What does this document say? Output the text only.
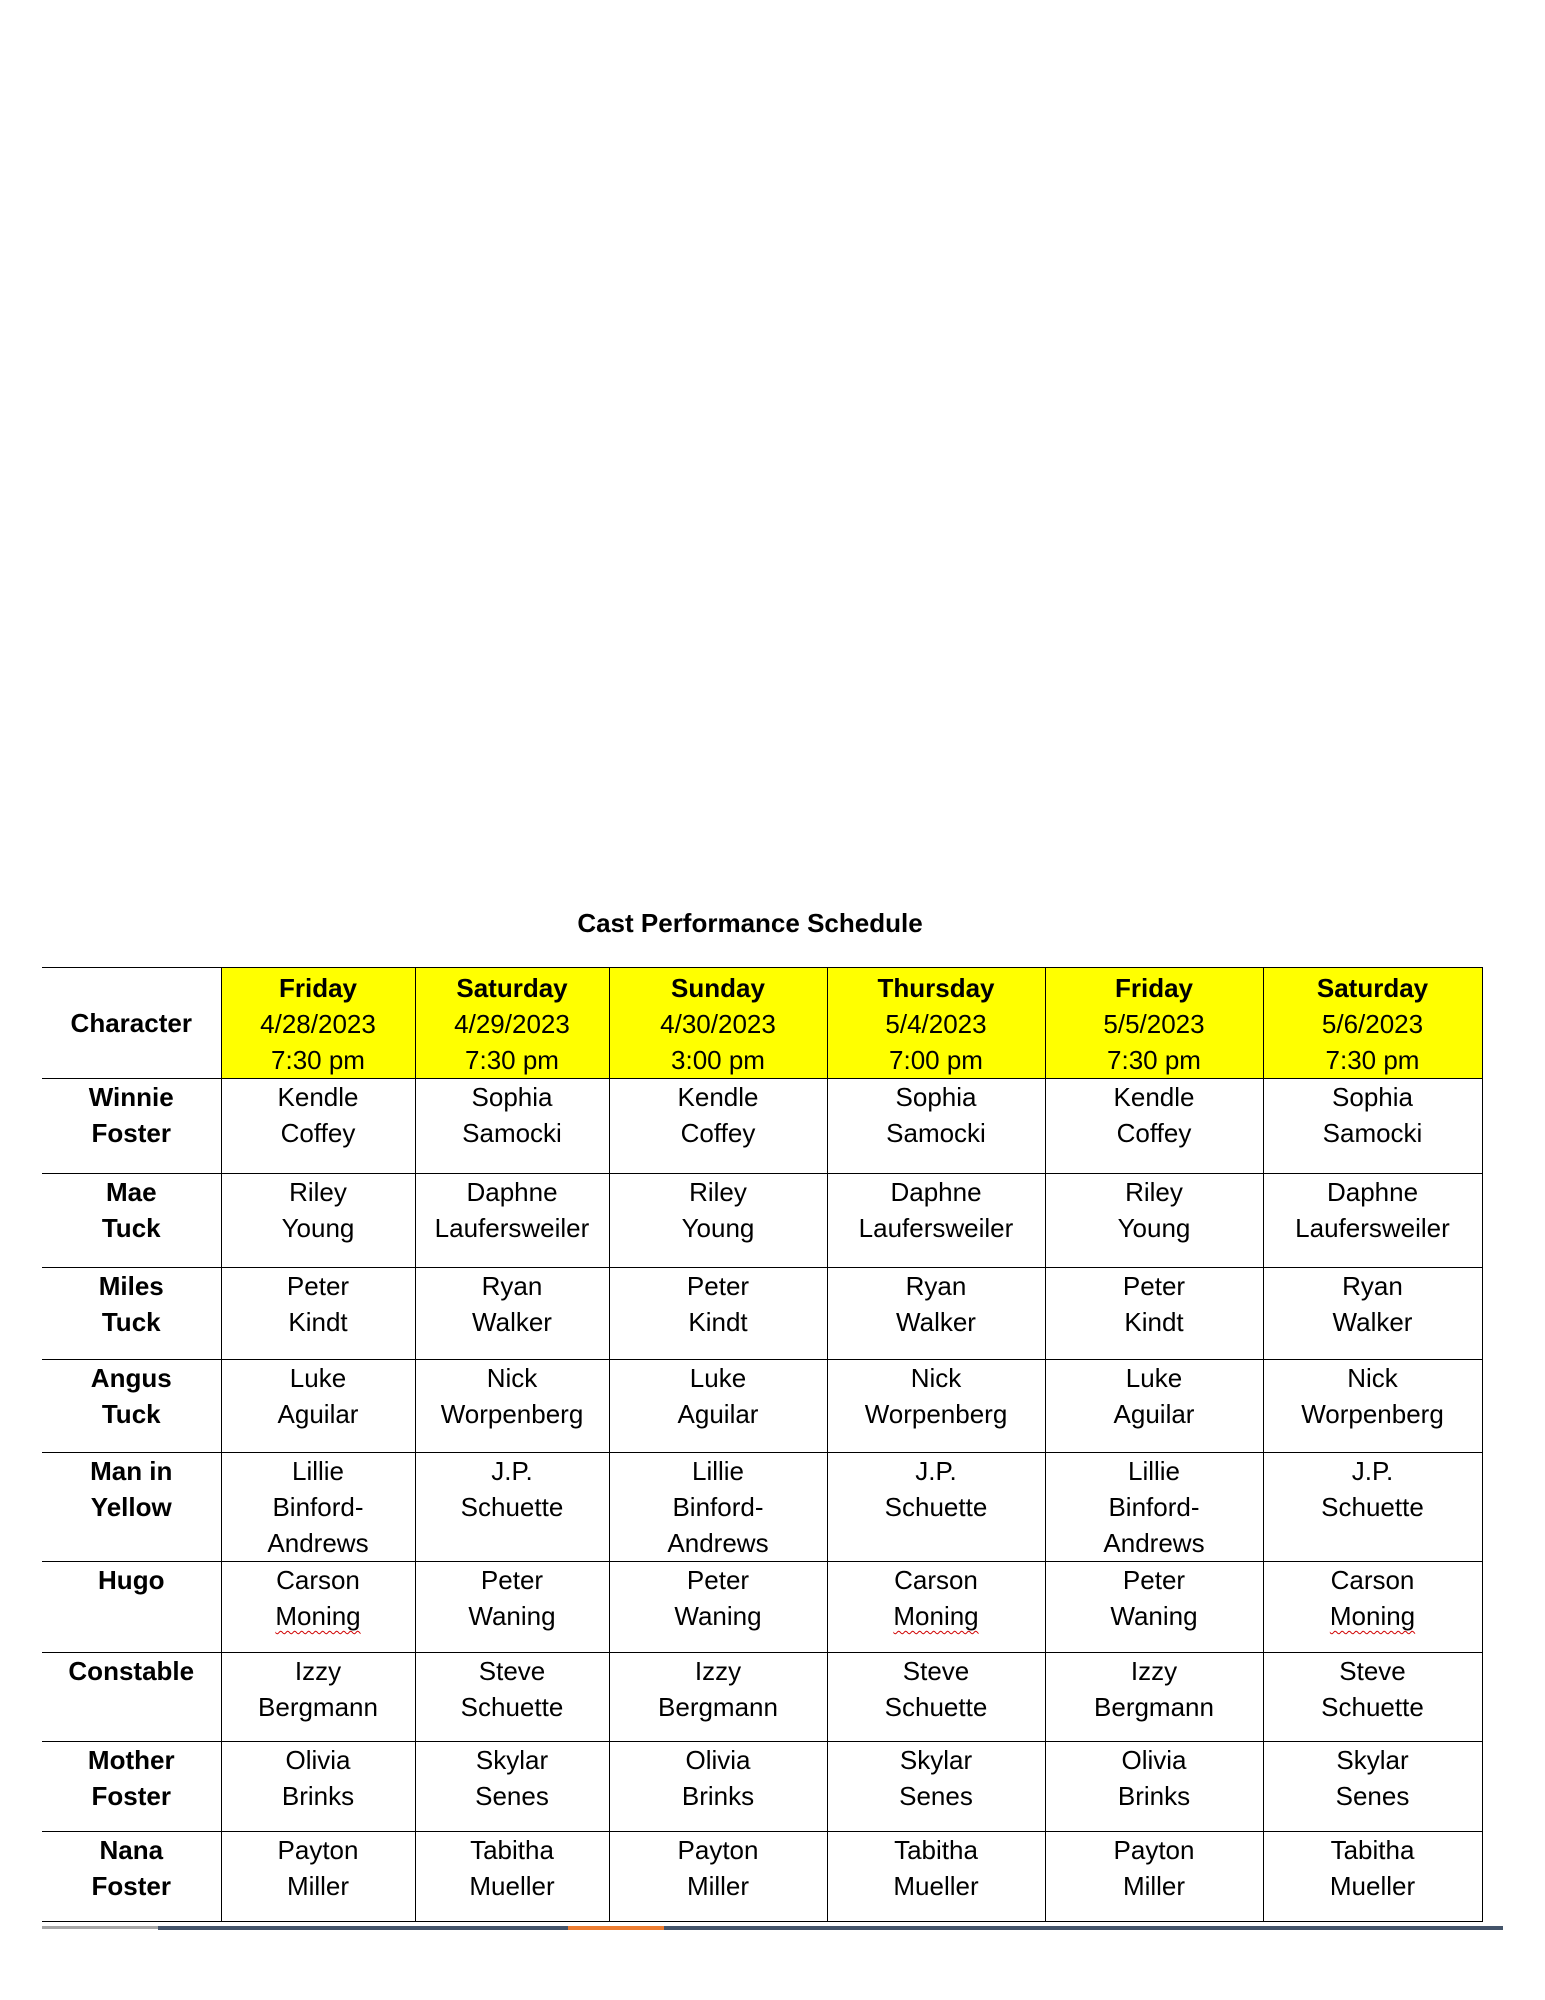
Cast Performance Schedule
Character	Friday
4/28/2023
7:30 pm	Saturday
4/29/2023
7:30 pm	Sunday
4/30/2023
3:00 pm	Thursday
5/4/2023
7:00 pm	Friday
5/5/2023
7:30 pm	Saturday
5/6/2023
7:30 pm

Winnie
Foster	Kendle
Coffey	Sophia
Samocki	Kendle
Coffey	Sophia
Samocki	Kendle
Coffey	Sophia
Samocki

Mae
Tuck	Riley
Young	Daphne
Laufersweiler	Riley
Young	Daphne
Laufersweiler	Riley
Young	Daphne
Laufersweiler

Miles
Tuck	Peter
Kindt	Ryan
Walker	Peter
Kindt	Ryan
Walker	Peter
Kindt	Ryan
Walker

Angus
Tuck	Luke
Aguilar	Nick
Worpenberg	Luke
Aguilar	Nick
Worpenberg	Luke
Aguilar	Nick
Worpenberg

Man in
Yellow	Lillie
Binford-
Andrews	J.P.
Schuette	Lillie
Binford-
Andrews	J.P.
Schuette	Lillie
Binford-
Andrews	J.P.
Schuette

Hugo	Carson
Moning	Peter
Waning	Peter
Waning	Carson
Moning	Peter
Waning	Carson
Moning

Constable	Izzy
Bergmann	Steve
Schuette	Izzy
Bergmann	Steve
Schuette	Izzy
Bergmann	Steve
Schuette

Mother
Foster	Olivia
Brinks	Skylar
Senes	Olivia
Brinks	Skylar
Senes	Olivia
Brinks	Skylar
Senes

Nana
Foster	Payton
Miller	Tabitha
Mueller	Payton
Miller	Tabitha
Mueller	Payton
Miller	Tabitha
Mueller
